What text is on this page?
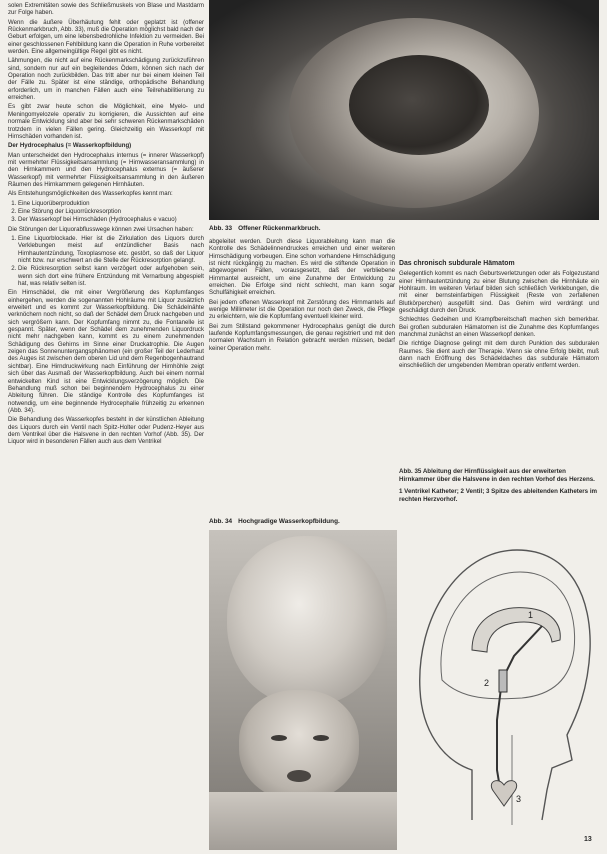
solen Extremitäten sowie des Schließmuskels von Blase und Mastdarm zur Folge haben.

Wenn die äußere Überhäutung fehlt oder geplatzt ist (offener Rückenmarkbruch, Abb. 33), muß die Operation möglichst bald nach der Geburt erfolgen, um eine lebensbedrohliche Infektion zu vermeiden. Bei einer geschlossenen Fehlbildung kann die Operation in Ruhe vorbereitet werden. Eine allgemeingültige Regel gibt es nicht.

Lähmungen, die nicht auf eine Rückenmarkschädigung zurückzuführen sind, sondern nur auf ein begleitendes Ödem, können sich nach der Operation noch zurückbilden. Das tritt aber nur bei einem kleinen Teil der Fälle zu. Später ist eine ständige, orthopädische Behandlung erforderlich, um in manchen Fällen auch eine Teilrehabilitierung zu erreichen.

Es gibt zwar heute schon die Möglichkeit, eine Myelo- und Meningomyelozele operativ zu korrigieren, die Aussichten auf eine normale Entwicklung sind aber bei sehr schweren Rückenmarkschäden trotzdem in vielen Fällen gering. Gleichzeitig ein Wasserkopf mit Hirnschäden vorhanden ist.

Der Hydrocephalus (= Wasserkopfbildung)

Man unterscheidet den Hydrocephalus internus (= innerer Wasserkopf) mit vermehrter Flüssigkeitsansammlung (= Hirnwasseransammlung) in den Hirnkammern und den Hydrocephalus externus (= äußerer Wasserkopf) mit vermehrter Flüssigkeitsansammlung in den äußeren Räumen des Hirnkammern gelegenen Hirnhäuten.

Als Entstehungsmöglichkeiten des Wasserkopfes kennt man:

1. Eine Liquorüberproduktion
2. Eine Störung der Liquorrückresorption
3. Der Wasserkopf bei Hirnschäden (Hydrocephalus e vacuo)

Die Störungen der Liquorabflusswege können zwei Ursachen haben:

1. Eine Liquorblockade. Hier ist die Zirkulation des Liquors durch Verklebungen meist auf entzündlicher Basis nach Hirnhautentzündung, Toxoplasmose etc. gestört, so daß der Liquor nicht bzw. nur erschwert an die Stelle der Rückresorption gelangt.
2. Die Rückresorption selbst kann verzögert oder aufgehoben sein, wenn sich dort eine frühere Entzündung mit Vernarbung abgespielt hat, was relativ selten ist.

Ein Hirnschädel, die mit einer Vergrößerung des Kopfumfanges einhergehen, werden die sogenannten Hohlräume mit Liquor zusätzlich erweitert und es kommt zur Wasserkopfbildung. Die Schädelnähte verknöchern noch nicht, so daß der Schädel dem Druck nachgeben und sich vergrößern kann. Der Kopfumfang nimmt zu, die Fontanelle ist gespannt. Später, wenn der Schädel dem zunehmenden Liquordruck nicht mehr nachgeben kann, kommt es zu einem zunehmenden Schädigung des Gehirns im Sinne einer Druckatrophie. Die Augen zeigen das Sonnenuntergangsphänomen (ein großer Teil der Lederhaut des Auges ist zwischen dem oberen Lid und dem Regenbogenhautrand sichtbar). Eine Hirndruckwirkung nach Einführung der Hirnhöhle zeigt sich über das Ausmaß der Wasserkopfbildung. Auch bei einem normal entwickelten Kind ist eine Entwicklungsverzögerung möglich. Die Behandlung muß schon bei beginnendem Hydrocephalus zu einer Ableitung führen. Die ständige Kontrolle des Kopfumfanges ist notwendig, um eine beginnende Hydrocephalie frühzeitig zu erkennen (Abb. 34).

Die Behandlung des Wasserkopfes besteht in der künstlichen Ableitung des Liquors durch ein Ventil nach Spitz-Holter oder Pudenz-Heyer aus dem Ventrikel über die Halsvene in den rechten Vorhof (Abb. 35). Der Liquor wird in besonderen Fällen auch aus dem Ventrikel

Abb. 33 Offener Rückenmarkbruch.

abgeleitet werden. Durch diese Liquorableitung kann man die Kontrolle des Schädelinnendruckes erreichen und einer weiteren Hirnschädigung vorbeugen. Eine schon vorhandene Hirnschädigung ist nicht rückgängig zu machen. Es wird die stiftende Operation in abgewogenen Fällen, vorausgesetzt, daß der verbliebene Hirnmantel ausreicht, um eine Zunahme der Entwicklung zu erreichen. Die Erfolge sind nicht schlecht, man kann sogar Schulfähigkeit erreichen.

Bei jedem offenen Wasserkopf mit Zerstörung des Hirnmantels auf wenige Millimeter ist die Operation nur noch den Zweck, die Pflege zu erleichtern, wie die Kopfumfang eventuell kleiner wird.

Bei zum Stillstand gekommener Hydrocephalus genügt die durch laufende Kopfumfangsmessungen, die genau registriert und mit den normalen Wachstum in Relation gebracht werden müssen, bedarf keiner Operation mehr.

Abb. 34 Hochgradige Wasserkopfbildung.
Das chronisch subdurale Hämatom

Gelegentlich kommt es nach Geburtsverletzungen oder als Folgezustand einer Hirnhautentzündung zu einer Blutung zwischen die Hirnhäute ein Hohlraum. Im weiteren Verlauf bilden sich schließlich Verklebungen, die mit einer bernsteinfarbigen Flüssigkeit (Reste von zerfallenen Blutkörperchen) ausgefüllt sind. Das Gehirn wird verdrängt und geschädigt durch den Druck.

Schlechtes Gedeihen und Krampfbereitschaft machen sich bemerkbar. Bei großen subduralen Hämatomen ist die Zunahme des Kopfumfanges manchmal zunächst an einen Wasserkopf denken.

Die richtige Diagnose gelingt mit dem durch Punktion des subduralen Raumes. Sie dient auch der Therapie. Wenn sie ohne Erfolg bleibt, muß dann nach Eröffnung des Schädeldaches das subdurale Hämatom einschließlich der umgebenden Membran operativ entfernt werden.

Abb. 35 Ableitung der Hirnflüssigkeit aus der erweiterten Hirnkammer über die Halsvene in den rechten Vorhof des Herzens.

1 Ventrikel Katheter; 2 Ventil; 3 Spitze des ableitenden Katheters im rechten Herzvorhof.

1
2
3
13
